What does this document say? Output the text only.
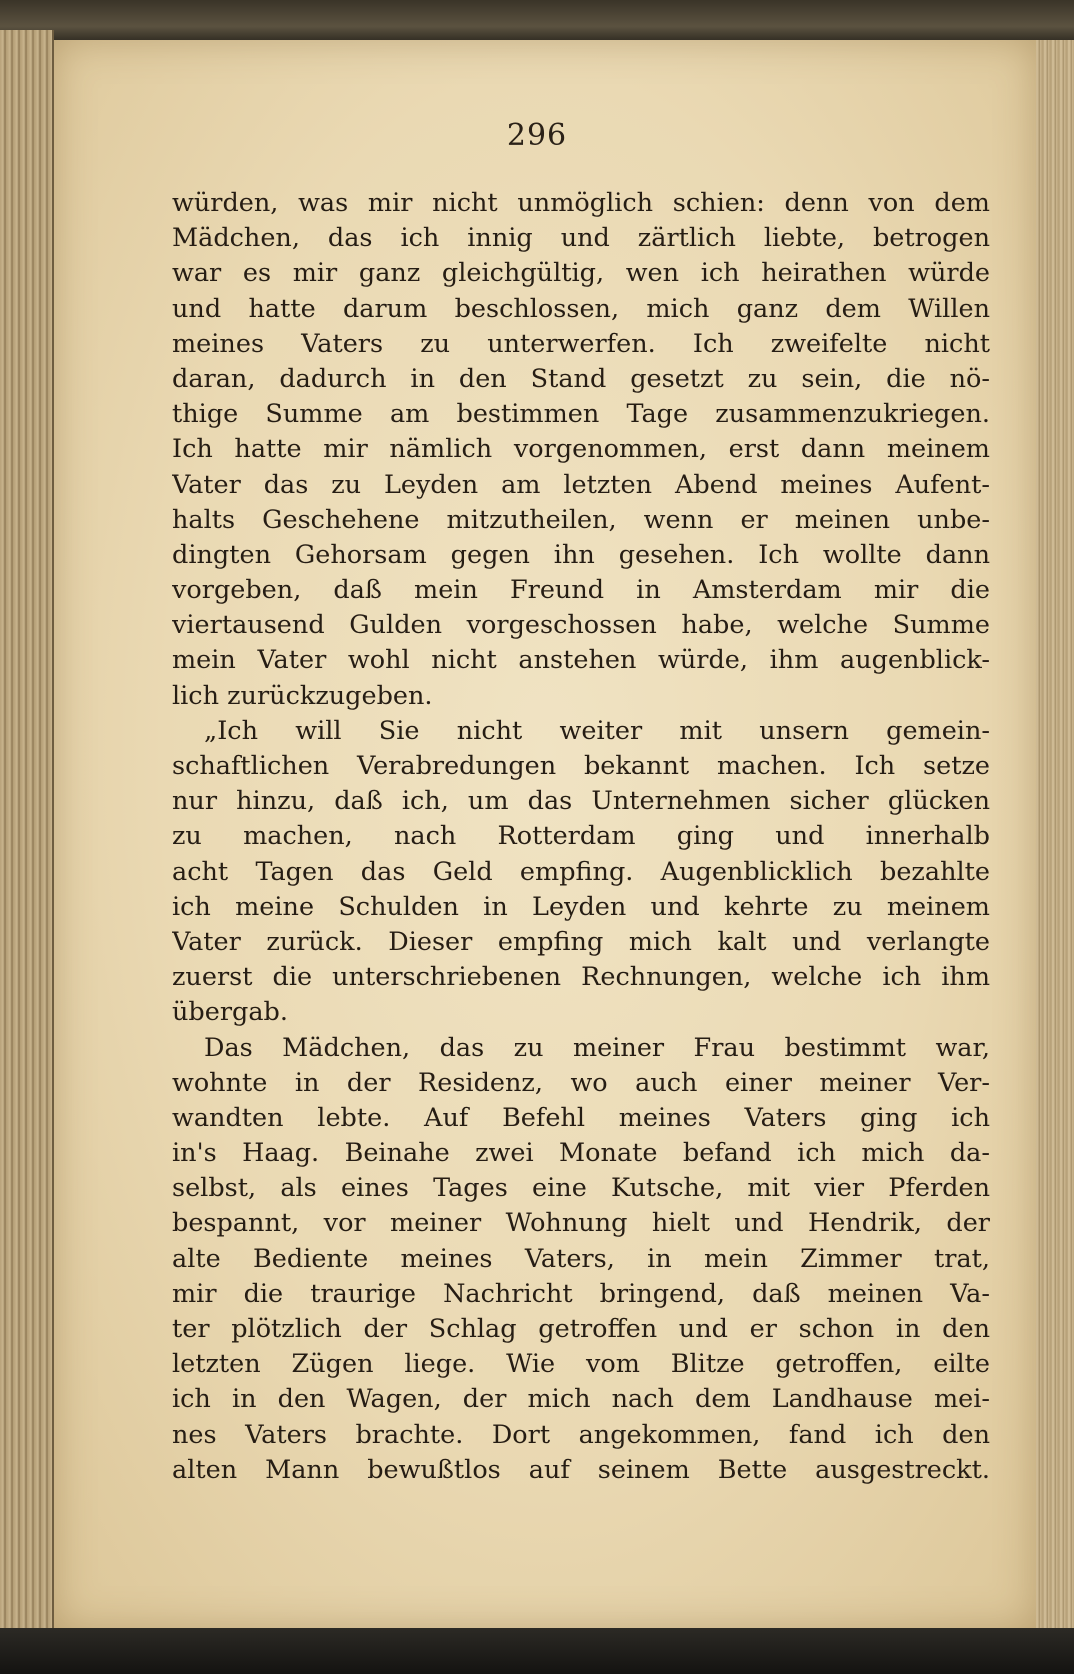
296
würden, was mir nicht unmöglich schien: denn von dem
Mädchen, das ich innig und zärtlich liebte, betrogen
war es mir ganz gleichgültig, wen ich heirathen würde
und hatte darum beschlossen, mich ganz dem Willen
meines Vaters zu unterwerfen. Ich zweifelte nicht
daran, dadurch in den Stand gesetzt zu sein, die nö-
thige Summe am bestimmen Tage zusammenzukriegen.
Ich hatte mir nämlich vorgenommen, erst dann meinem
Vater das zu Leyden am letzten Abend meines Aufent-
halts Geschehene mitzutheilen, wenn er meinen unbe-
dingten Gehorsam gegen ihn gesehen. Ich wollte dann
vorgeben, daß mein Freund in Amsterdam mir die
viertausend Gulden vorgeschossen habe, welche Summe
mein Vater wohl nicht anstehen würde, ihm augenblick-
lich zurückzugeben.
„Ich will Sie nicht weiter mit unsern gemein-
schaftlichen Verabredungen bekannt machen. Ich setze
nur hinzu, daß ich, um das Unternehmen sicher glücken
zu machen, nach Rotterdam ging und innerhalb
acht Tagen das Geld empfing. Augenblicklich bezahlte
ich meine Schulden in Leyden und kehrte zu meinem
Vater zurück. Dieser empfing mich kalt und verlangte
zuerst die unterschriebenen Rechnungen, welche ich ihm
übergab.
Das Mädchen, das zu meiner Frau bestimmt war,
wohnte in der Residenz, wo auch einer meiner Ver-
wandten lebte. Auf Befehl meines Vaters ging ich
in's Haag. Beinahe zwei Monate befand ich mich da-
selbst, als eines Tages eine Kutsche, mit vier Pferden
bespannt, vor meiner Wohnung hielt und Hendrik, der
alte Bediente meines Vaters, in mein Zimmer trat,
mir die traurige Nachricht bringend, daß meinen Va-
ter plötzlich der Schlag getroffen und er schon in den
letzten Zügen liege. Wie vom Blitze getroffen, eilte
ich in den Wagen, der mich nach dem Landhause mei-
nes Vaters brachte. Dort angekommen, fand ich den
alten Mann bewußtlos auf seinem Bette ausgestreckt.
